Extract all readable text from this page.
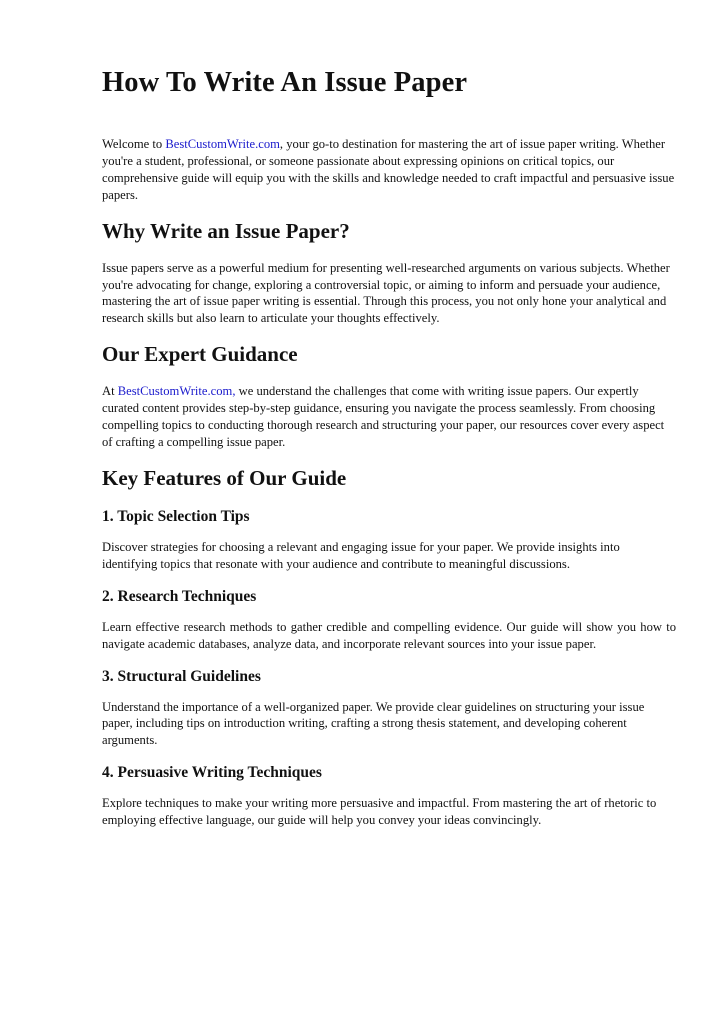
How To Write An Issue Paper

Welcome to BestCustomWrite.com, your go-to destination for mastering the art of issue paper writing. Whether you're a student, professional, or someone passionate about expressing opinions on critical topics, our comprehensive guide will equip you with the skills and knowledge needed to craft impactful and persuasive issue papers.

Why Write an Issue Paper?

Issue papers serve as a powerful medium for presenting well-researched arguments on various subjects. Whether you're advocating for change, exploring a controversial topic, or aiming to inform and persuade your audience, mastering the art of issue paper writing is essential. Through this process, you not only hone your analytical and research skills but also learn to articulate your thoughts effectively.

Our Expert Guidance

At BestCustomWrite.com, we understand the challenges that come with writing issue papers. Our expertly curated content provides step-by-step guidance, ensuring you navigate the process seamlessly. From choosing compelling topics to conducting thorough research and structuring your paper, our resources cover every aspect of crafting a compelling issue paper.

Key Features of Our Guide
1. Topic Selection Tips

Discover strategies for choosing a relevant and engaging issue for your paper. We provide insights into identifying topics that resonate with your audience and contribute to meaningful discussions.

2. Research Techniques

Learn effective research methods to gather credible and compelling evidence. Our guide will show you how to navigate academic databases, analyze data, and incorporate relevant sources into your issue paper.

3. Structural Guidelines

Understand the importance of a well-organized paper. We provide clear guidelines on structuring your issue paper, including tips on introduction writing, crafting a strong thesis statement, and developing coherent arguments.

4. Persuasive Writing Techniques

Explore techniques to make your writing more persuasive and impactful. From mastering the art of rhetoric to employing effective language, our guide will help you convey your ideas convincingly.
